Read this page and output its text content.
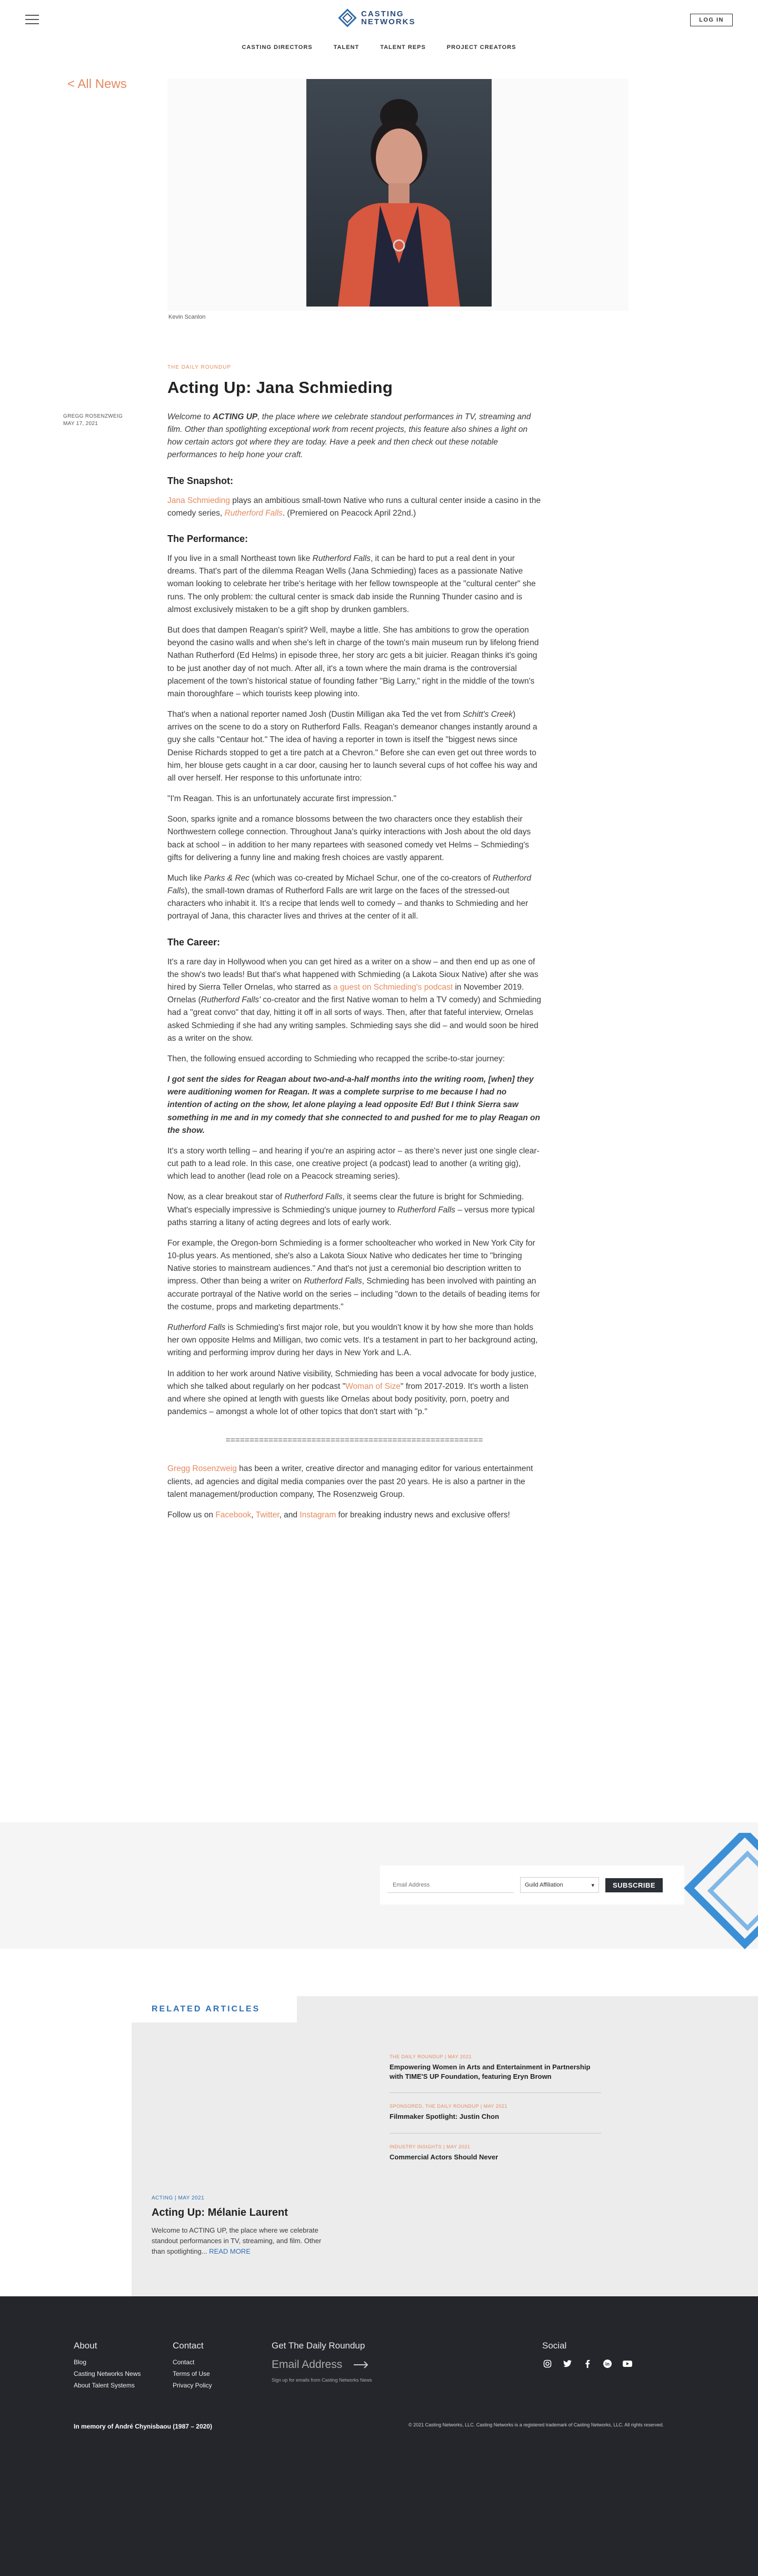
CASTING
NETWORKS	LOG IN
CASTING DIRECTORS	TALENT	TALENT REPS	PROJECT CREATORS
< All News
Kevin Scanlon
GREGG ROSENZWEIG
MAY 17, 2021
THE DAILY ROUNDUP
Acting Up: Jana Schmieding

Welcome to ACTING UP, the place where we celebrate standout performances in TV, streaming and film. Other than spotlighting exceptional work from recent projects, this feature also shines a light on how certain actors got where they are today. Have a peek and then check out these notable performances to help hone your craft.

The Snapshot:

Jana Schmieding plays an ambitious small-town Native who runs a cultural center inside a casino in the comedy series, Rutherford Falls. (Premiered on Peacock April 22nd.)

The Performance:

If you live in a small Northeast town like Rutherford Falls, it can be hard to put a real dent in your dreams. That's part of the dilemma Reagan Wells (Jana Schmieding) faces as a passionate Native woman looking to celebrate her tribe's heritage with her fellow townspeople at the "cultural center" she runs. The only problem: the cultural center is smack dab inside the Running Thunder casino and is almost exclusively mistaken to be a gift shop by drunken gamblers.

But does that dampen Reagan's spirit? Well, maybe a little. She has ambitions to grow the operation beyond the casino walls and when she's left in charge of the town's main museum run by lifelong friend Nathan Rutherford (Ed Helms) in episode three, her story arc gets a bit juicier. Reagan thinks it's going to be just another day of not much. After all, it's a town where the main drama is the controversial placement of the town's historical statue of founding father "Big Larry," right in the middle of the town's main thoroughfare – which tourists keep plowing into.

That's when a national reporter named Josh (Dustin Milligan aka Ted the vet from Schitt's Creek) arrives on the scene to do a story on Rutherford Falls. Reagan's demeanor changes instantly around a guy she calls "Centaur hot." The idea of having a reporter in town is itself the "biggest news since Denise Richards stopped to get a tire patch at a Chevron." Before she can even get out three words to him, her blouse gets caught in a car door, causing her to launch several cups of hot coffee his way and all over herself. Her response to this unfortunate intro:

"I'm Reagan. This is an unfortunately accurate first impression."

Soon, sparks ignite and a romance blossoms between the two characters once they establish their Northwestern college connection. Throughout Jana's quirky interactions with Josh about the old days back at school – in addition to her many repartees with seasoned comedy vet Helms – Schmieding's gifts for delivering a funny line and making fresh choices are vastly apparent.

Much like Parks & Rec (which was co-created by Michael Schur, one of the co-creators of Rutherford Falls), the small-town dramas of Rutherford Falls are writ large on the faces of the stressed-out characters who inhabit it. It's a recipe that lends well to comedy – and thanks to Schmieding and her portrayal of Jana, this character lives and thrives at the center of it all.

The Career:

It's a rare day in Hollywood when you can get hired as a writer on a show – and then end up as one of the show's two leads! But that's what happened with Schmieding (a Lakota Sioux Native) after she was hired by Sierra Teller Ornelas, who starred as a guest on Schmieding's podcast in November 2019. Ornelas (Rutherford Falls' co-creator and the first Native woman to helm a TV comedy) and Schmieding had a "great convo" that day, hitting it off in all sorts of ways. Then, after that fateful interview, Ornelas asked Schmieding if she had any writing samples. Schmieding says she did – and would soon be hired as a writer on the show.

Then, the following ensued according to Schmieding who recapped the scribe-to-star journey:

I got sent the sides for Reagan about two-and-a-half months into the writing room, [when] they were auditioning women for Reagan. It was a complete surprise to me because I had no intention of acting on the show, let alone playing a lead opposite Ed! But I think Sierra saw something in me and in my comedy that she connected to and pushed for me to play Reagan on the show.

It's a story worth telling – and hearing if you're an aspiring actor – as there's never just one single clear-cut path to a lead role. In this case, one creative project (a podcast) lead to another (a writing gig), which lead to another (lead role on a Peacock streaming series).

Now, as a clear breakout star of Rutherford Falls, it seems clear the future is bright for Schmieding. What's especially impressive is Schmieding's unique journey to Rutherford Falls – versus more typical paths starring a litany of acting degrees and lots of early work.

For example, the Oregon-born Schmieding is a former schoolteacher who worked in New York City for 10-plus years. As mentioned, she's also a Lakota Sioux Native who dedicates her time to "bringing Native stories to mainstream audiences." And that's not just a ceremonial bio description written to impress. Other than being a writer on Rutherford Falls, Schmieding has been involved with painting an accurate portrayal of the Native world on the series – including "down to the details of beading items for the costume, props and marketing departments."

Rutherford Falls is Schmieding's first major role, but you wouldn't know it by how she more than holds her own opposite Helms and Milligan, two comic vets. It's a testament in part to her background acting, writing and performing improv during her days in New York and L.A.

In addition to her work around Native visibility, Schmieding has been a vocal advocate for body justice, which she talked about regularly on her podcast "Woman of Size" from 2017-2019. It's worth a listen and where she opined at length with guests like Ornelas about body positivity, porn, poetry and pandemics – amongst a whole lot of other topics that don't start with "p."

======================================================

Gregg Rosenzweig has been a writer, creative director and managing editor for various entertainment clients, ad agencies and digital media companies over the past 20 years. He is also a partner in the talent management/production company, The Rosenzweig Group.

Follow us on Facebook, Twitter, and Instagram for breaking industry news and exclusive offers!

Email Address
Guild Affiliation	▾	SUBSCRIBE
RELATED ARTICLES
ACTING | MAY 2021
Acting Up: Mélanie Laurent

Welcome to ACTING UP, the place where we celebrate standout performances in TV, streaming, and film. Other than spotlighting... READ MORE

THE DAILY ROUNDUP | MAY 2021
Empowering Women in Arts and Entertainment in Partnership with TIME'S UP Foundation, featuring Eryn Brown
SPONSORED, THE DAILY ROUNDUP | MAY 2021
Filmmaker Spotlight: Justin Chon
INDUSTRY INSIGHTS | MAY 2021
Commercial Actors Should Never
About
Blog
Casting Networks News
About Talent Systems
Contact
Contact
Terms of Use
Privacy Policy
Get The Daily Roundup
Email Address
Sign up for emails from Casting Networks News
Social
in
In memory of André Chynisbaou (1987 – 2020)	© 2021 Casting Networks, LLC. Casting Networks is a registered trademark of Casting Networks, LLC. All rights reserved.
